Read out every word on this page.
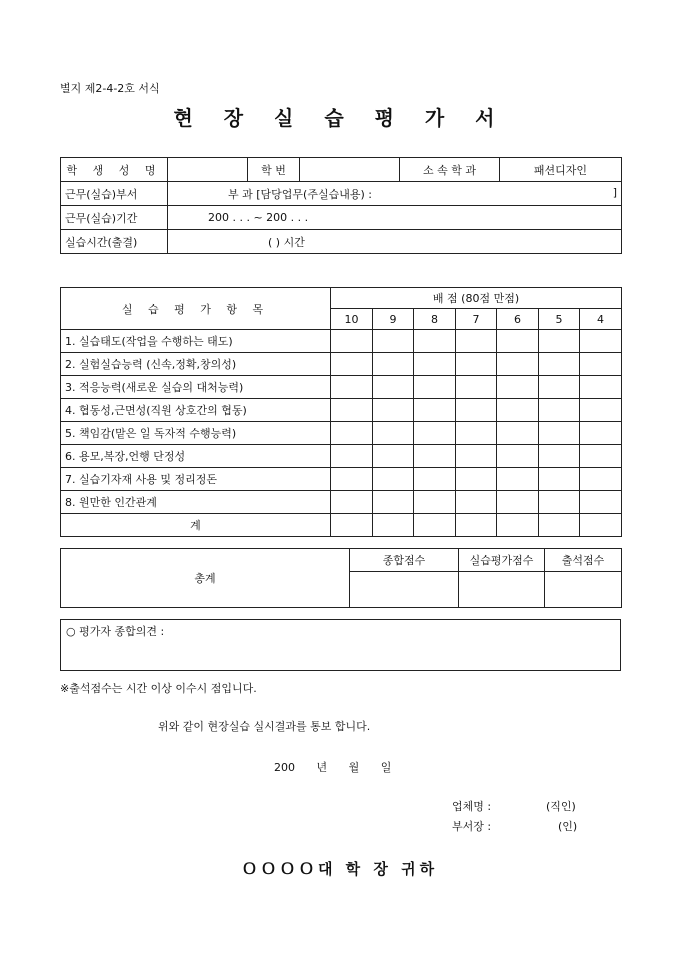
별지 제2-4-2호 서식
현 장 실 습 평 가 서
학 생 성 명		학 번		소 속 학 과	패션디자인
근무(실습)부서	부 과 [담당업무(주실습내용) : ]				

근무(실습)기간	200 . . . ~ 200 . . .				
실습시간(출결)	( ) 시간				
실 습 평 가 항 목	배 점 (80점 만점)						
	10	9	8	7	6	5	4
1. 실습태도(작업을 수행하는 태도)							
2. 실험실습능력 (신속,정확,창의성)							
3. 적응능력(새로운 실습의 대처능력)							
4. 협동성,근면성(직원 상호간의 협동)							
5. 책임감(맡은 일 독자적 수행능력)							
6. 용모,복장,언행 단정성							
7. 실습기자재 사용 및 정리정돈							
8. 원만한 인간관계							
계							
총계	종합점수	실습평가점수	출석점수

○ 평가자 종합의견 :
※출석점수는 시간 이상 이수시 점입니다.
위와 같이 현장실습 실시결과를 통보 합니다.
200 년 월 일
업체명 :	(직인)
부서장 :	(인)
ＯＯＯＯ대 학 장 귀하
